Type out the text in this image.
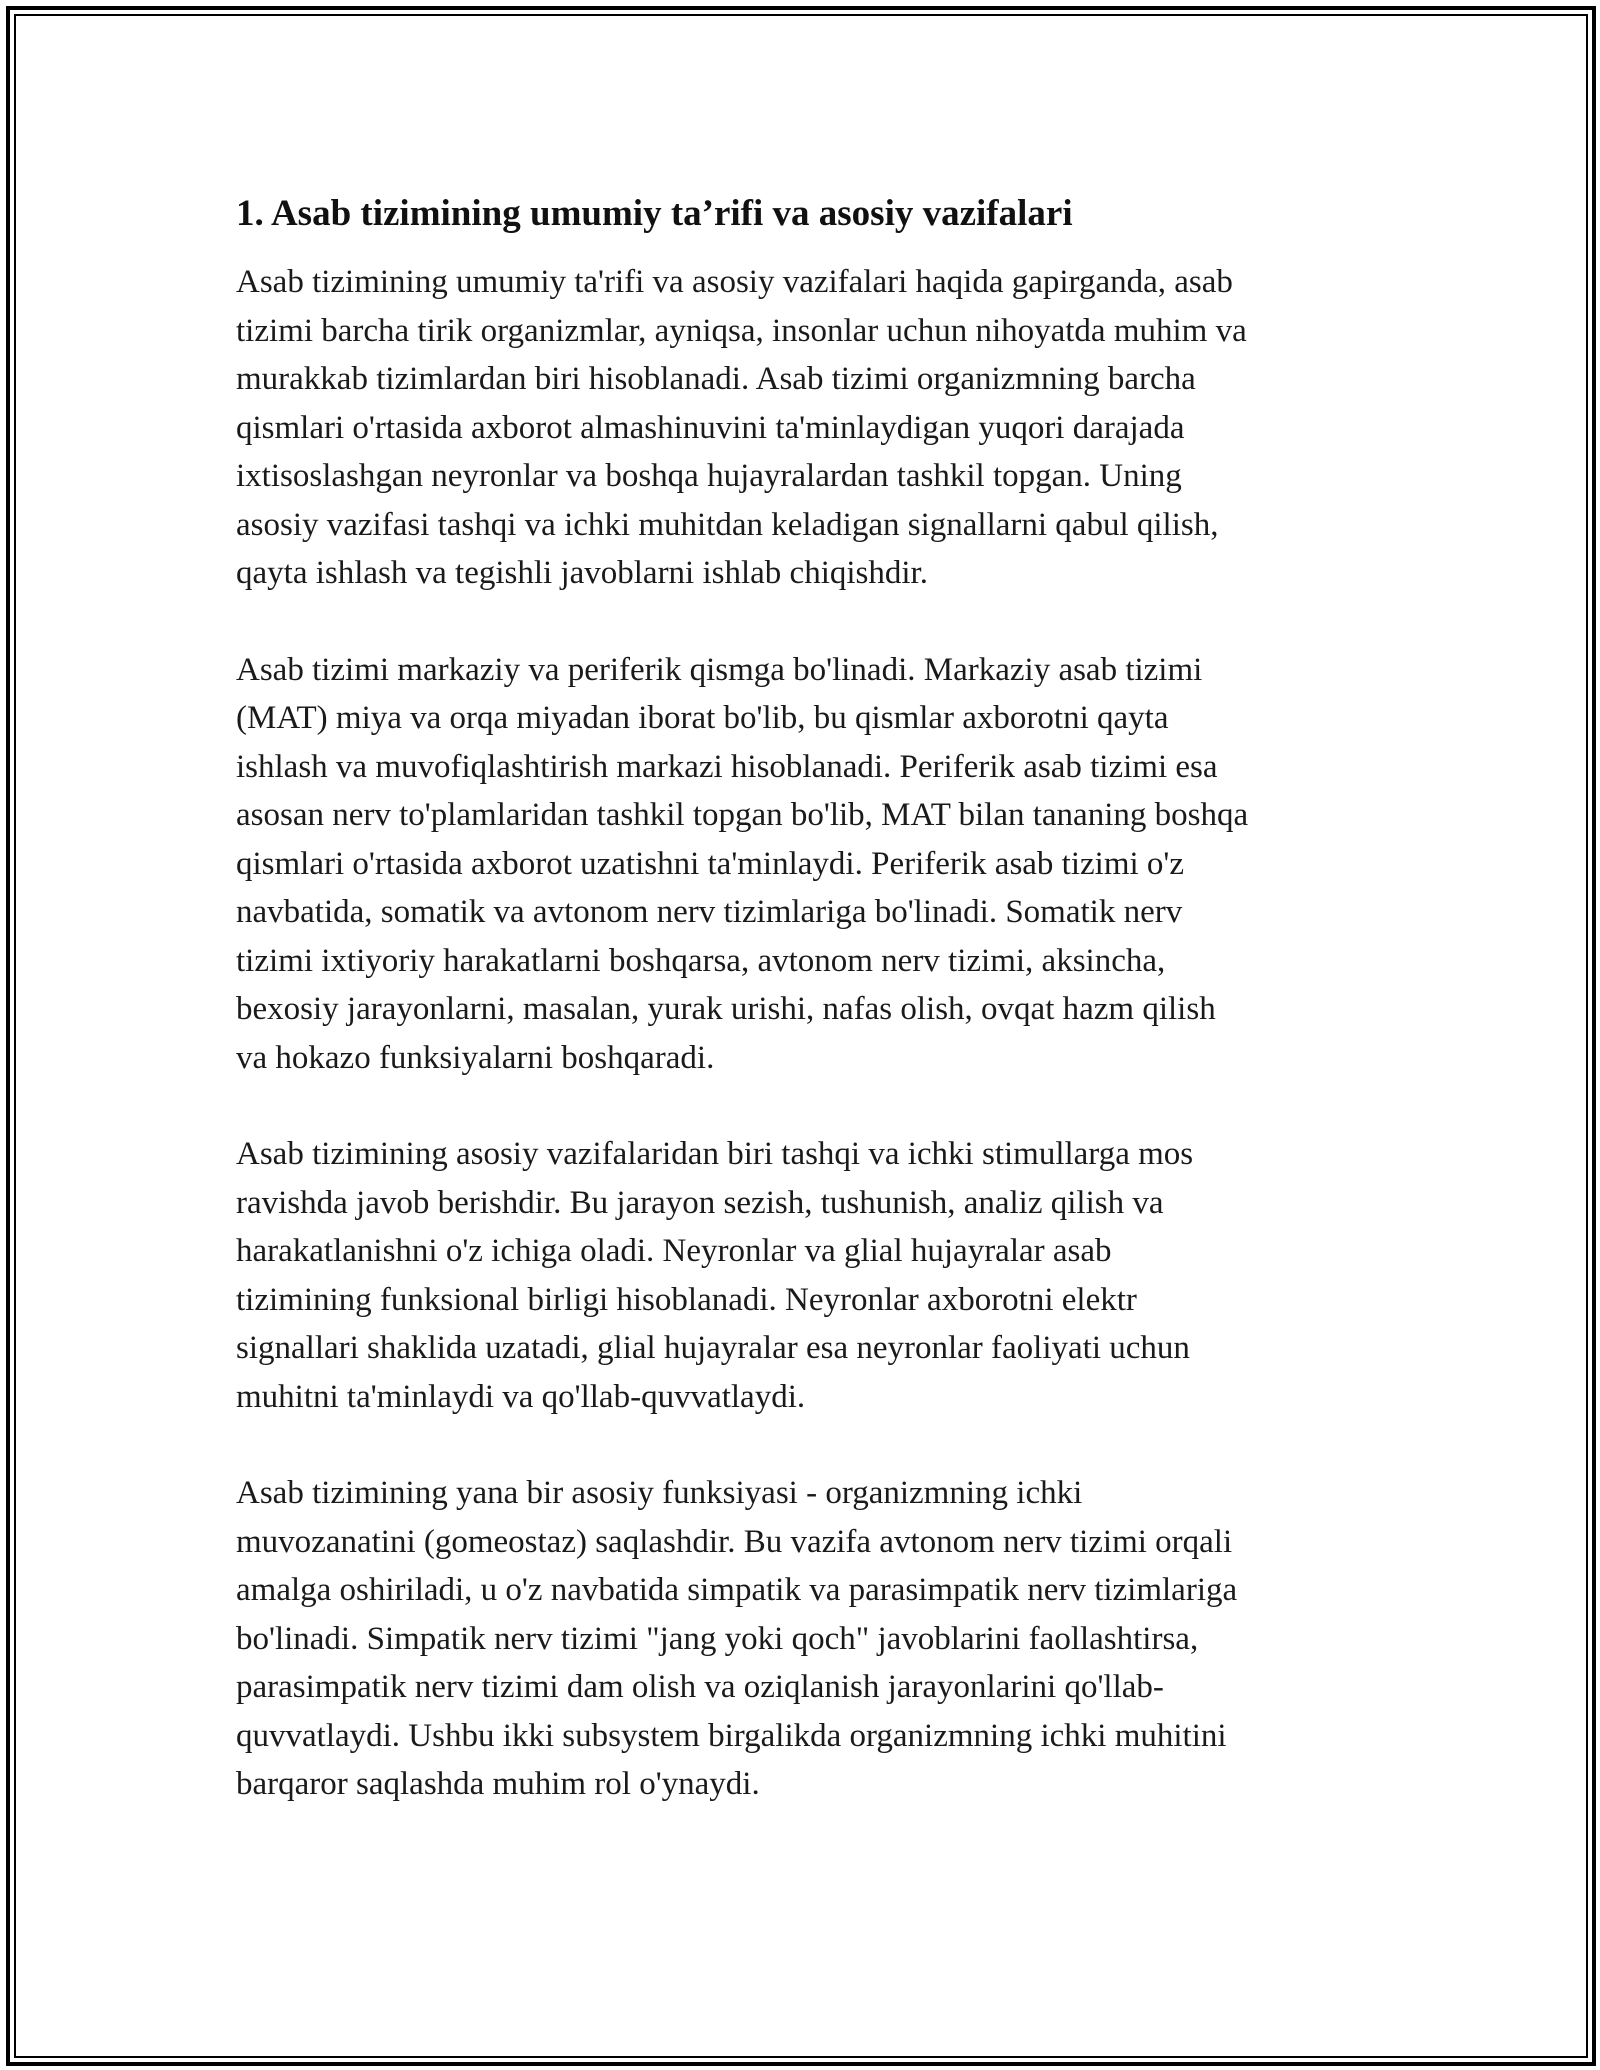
1. Asab tizimining umumiy ta’rifi va asosiy vazifalari

Asab tizimining umumiy ta'rifi va asosiy vazifalari haqida gapirganda, asab
tizimi barcha tirik organizmlar, ayniqsa, insonlar uchun nihoyatda muhim va
murakkab tizimlardan biri hisoblanadi. Asab tizimi organizmning barcha
qismlari o'rtasida axborot almashinuvini ta'minlaydigan yuqori darajada
ixtisoslashgan neyronlar va boshqa hujayralardan tashkil topgan. Uning
asosiy vazifasi tashqi va ichki muhitdan keladigan signallarni qabul qilish,
qayta ishlash va tegishli javoblarni ishlab chiqishdir.

Asab tizimi markaziy va periferik qismga bo'linadi. Markaziy asab tizimi
(MAT) miya va orqa miyadan iborat bo'lib, bu qismlar axborotni qayta
ishlash va muvofiqlashtirish markazi hisoblanadi. Periferik asab tizimi esa
asosan nerv to'plamlaridan tashkil topgan bo'lib, MAT bilan tananing boshqa
qismlari o'rtasida axborot uzatishni ta'minlaydi. Periferik asab tizimi o'z
navbatida, somatik va avtonom nerv tizimlariga bo'linadi. Somatik nerv
tizimi ixtiyoriy harakatlarni boshqarsa, avtonom nerv tizimi, aksincha,
bexosiy jarayonlarni, masalan, yurak urishi, nafas olish, ovqat hazm qilish
va hokazo funksiyalarni boshqaradi.

Asab tizimining asosiy vazifalaridan biri tashqi va ichki stimullarga mos
ravishda javob berishdir. Bu jarayon sezish, tushunish, analiz qilish va
harakatlanishni o'z ichiga oladi. Neyronlar va glial hujayralar asab
tizimining funksional birligi hisoblanadi. Neyronlar axborotni elektr
signallari shaklida uzatadi, glial hujayralar esa neyronlar faoliyati uchun
muhitni ta'minlaydi va qo'llab-quvvatlaydi.

Asab tizimining yana bir asosiy funksiyasi - organizmning ichki
muvozanatini (gomeostaz) saqlashdir. Bu vazifa avtonom nerv tizimi orqali
amalga oshiriladi, u o'z navbatida simpatik va parasimpatik nerv tizimlariga
bo'linadi. Simpatik nerv tizimi "jang yoki qoch" javoblarini faollashtirsa,
parasimpatik nerv tizimi dam olish va oziqlanish jarayonlarini qo'llab-
quvvatlaydi. Ushbu ikki subsystem birgalikda organizmning ichki muhitini
barqaror saqlashda muhim rol o'ynaydi.
